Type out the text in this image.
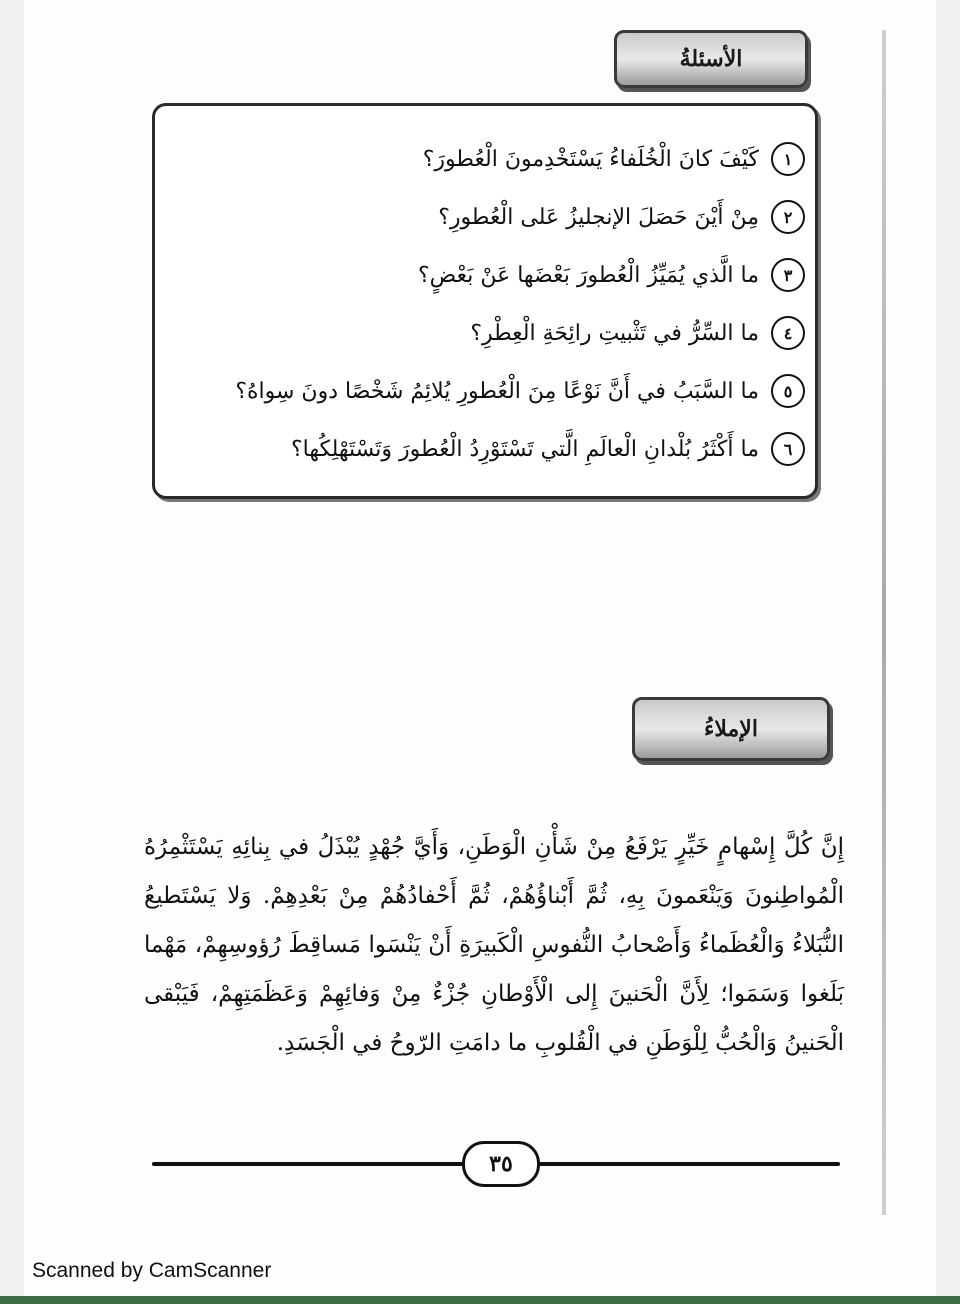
الأسئلةُ
١
كَيْفَ كانَ الْخُلَفاءُ يَسْتَخْدِمونَ الْعُطورَ؟
٢
مِنْ أَيْنَ حَصَلَ الإنجليزُ عَلى الْعُطورِ؟
٣
ما الَّذي يُمَيِّزُ الْعُطورَ بَعْضَها عَنْ بَعْضٍ؟
٤
ما السِّرُّ في تَثْبيتِ رائِحَةِ الْعِطْرِ؟
٥
ما السَّبَبُ في أَنَّ نَوْعًا مِنَ الْعُطورِ يُلائِمُ شَخْصًا دونَ سِواهُ؟
٦
ما أَكْثَرُ بُلْدانِ الْعالَمِ الَّتي تَسْتَوْرِدُ الْعُطورَ وَتَسْتَهْلِكُها؟
الإملاءُ

إِنَّ كُلَّ إِسْهامٍ خَيِّرٍ يَرْفَعُ مِنْ شَأْنِ الْوَطَنِ، وَأَيَّ جُهْدٍ يُبْذَلُ في بِنائِهِ يَسْتَثْمِرُهُ الْمُواطِنونَ وَيَنْعَمونَ بِهِ، ثُمَّ أَبْناؤُهُمْ، ثُمَّ أَحْفادُهُمْ مِنْ بَعْدِهِمْ. وَلا يَسْتَطيعُ النُّبَلاءُ وَالْعُظَماءُ وَأَصْحابُ النُّفوسِ الْكَبيرَةِ أَنْ يَنْسَوا مَساقِطَ رُؤوسِهِمْ، مَهْما بَلَغوا وَسَمَوا؛ لِأَنَّ الْحَنينَ إِلى الْأَوْطانِ جُزْءٌ مِنْ وَفائِهِمْ وَعَظَمَتِهِمْ، فَيَبْقى الْحَنينُ وَالْحُبُّ لِلْوَطَنِ في الْقُلوبِ ما دامَتِ الرّوحُ في الْجَسَدِ.

٣٥
Scanned by CamScanner
